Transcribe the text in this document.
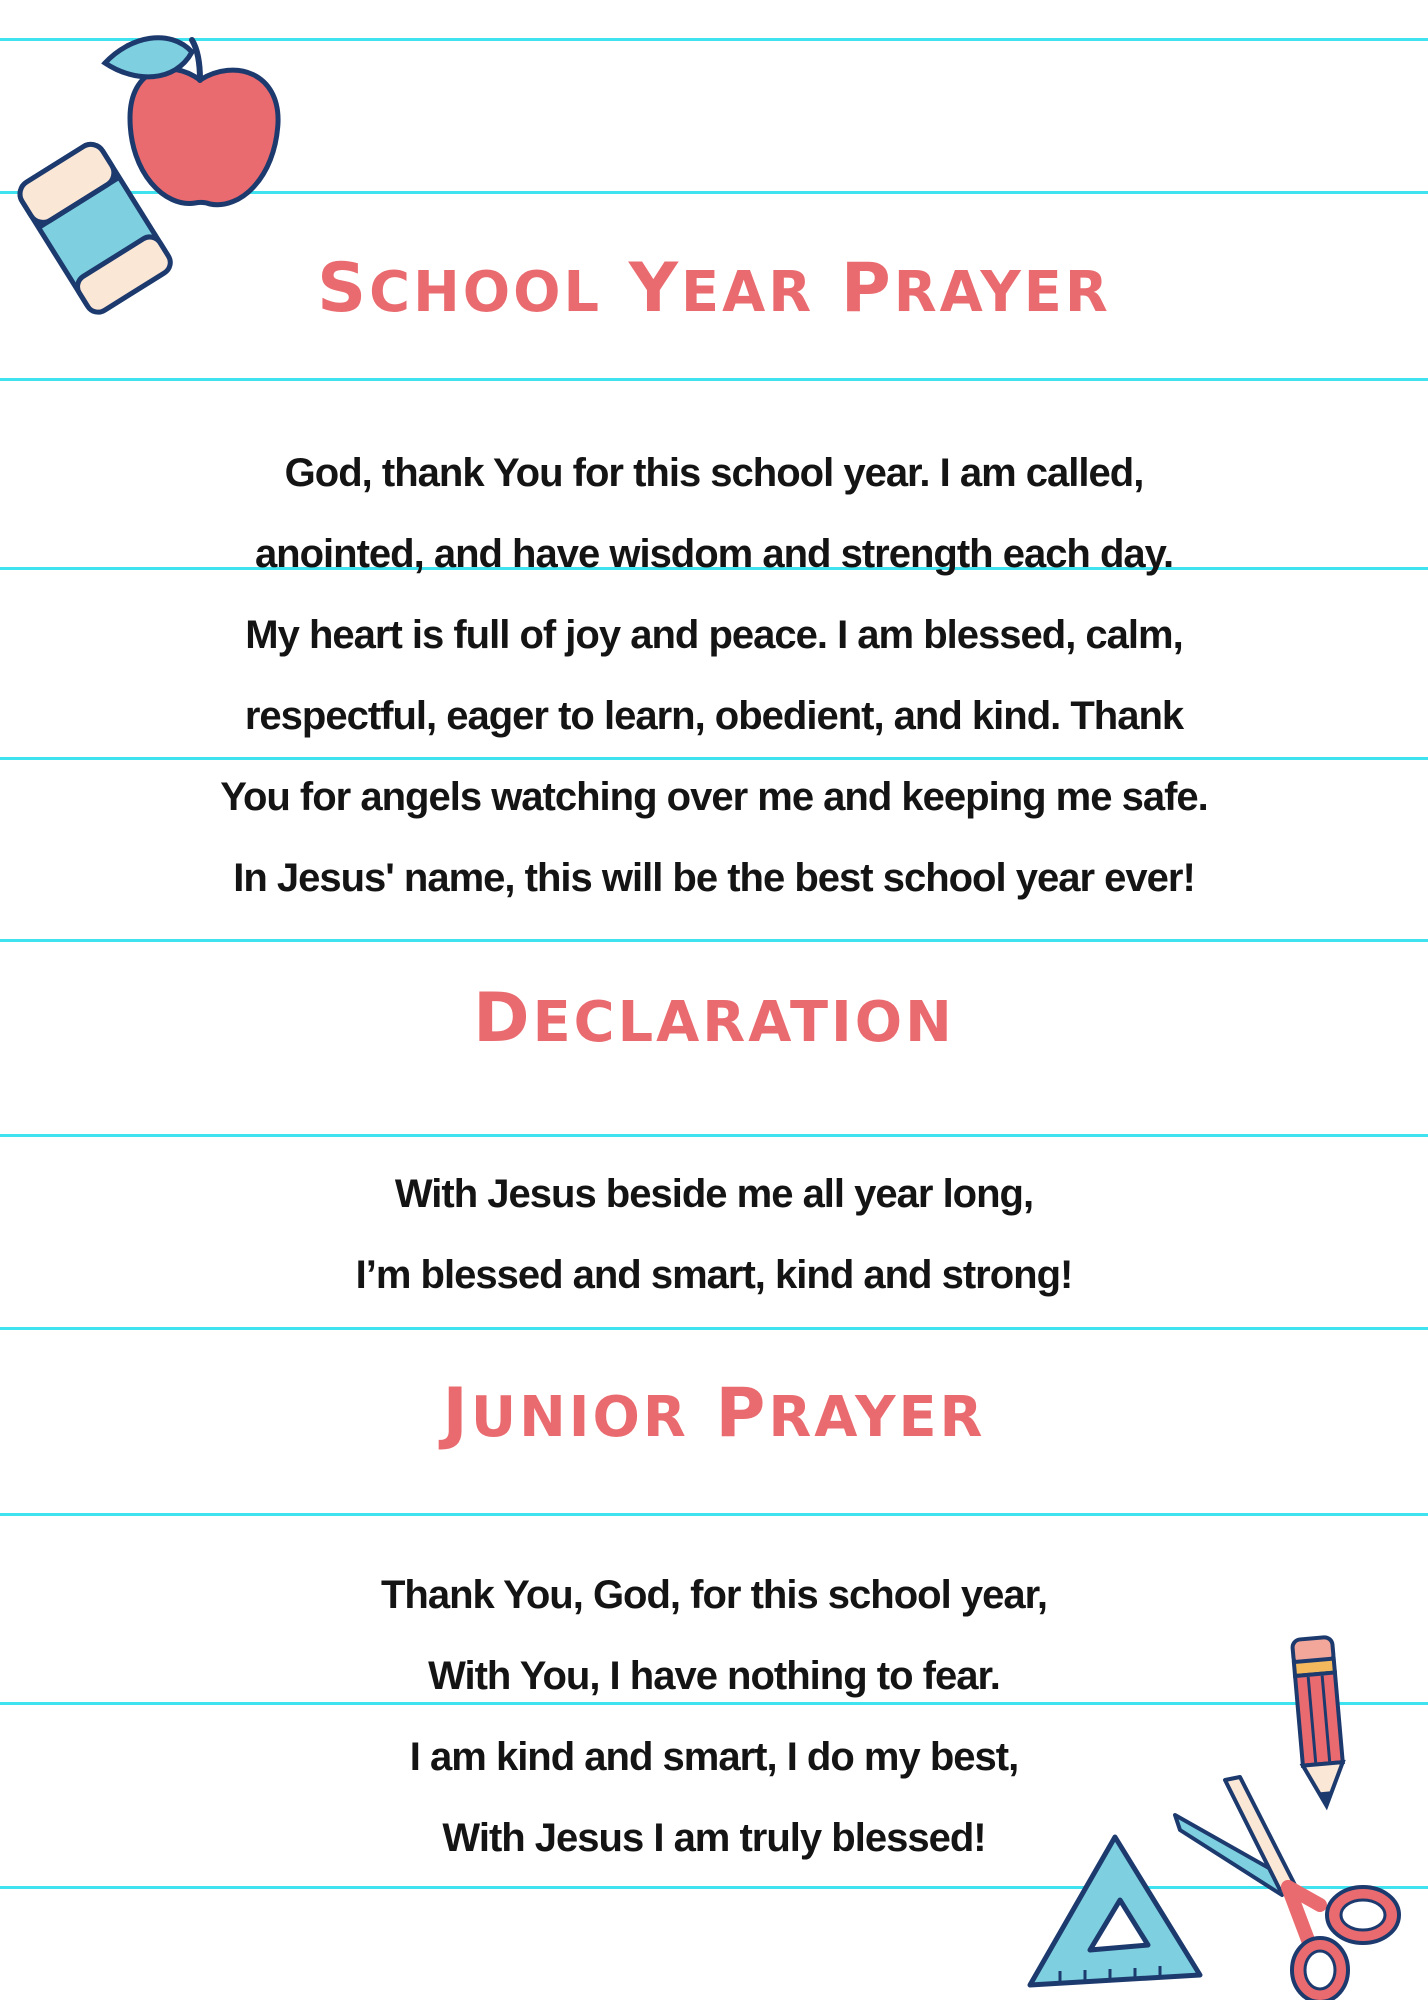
SCHOOL YEAR PRAYER
God, thank You for this school year. I am called,
anointed, and have wisdom and strength each day.
My heart is full of joy and peace. I am blessed, calm,
respectful, eager to learn, obedient, and kind. Thank
You for angels watching over me and keeping me safe.
In Jesus' name, this will be the best school year ever!
DECLARATION
With Jesus beside me all year long,
I’m blessed and smart, kind and strong!
JUNIOR PRAYER
Thank You, God, for this school year,
With You, I have nothing to fear.
I am kind and smart, I do my best,
With Jesus I am truly blessed!
